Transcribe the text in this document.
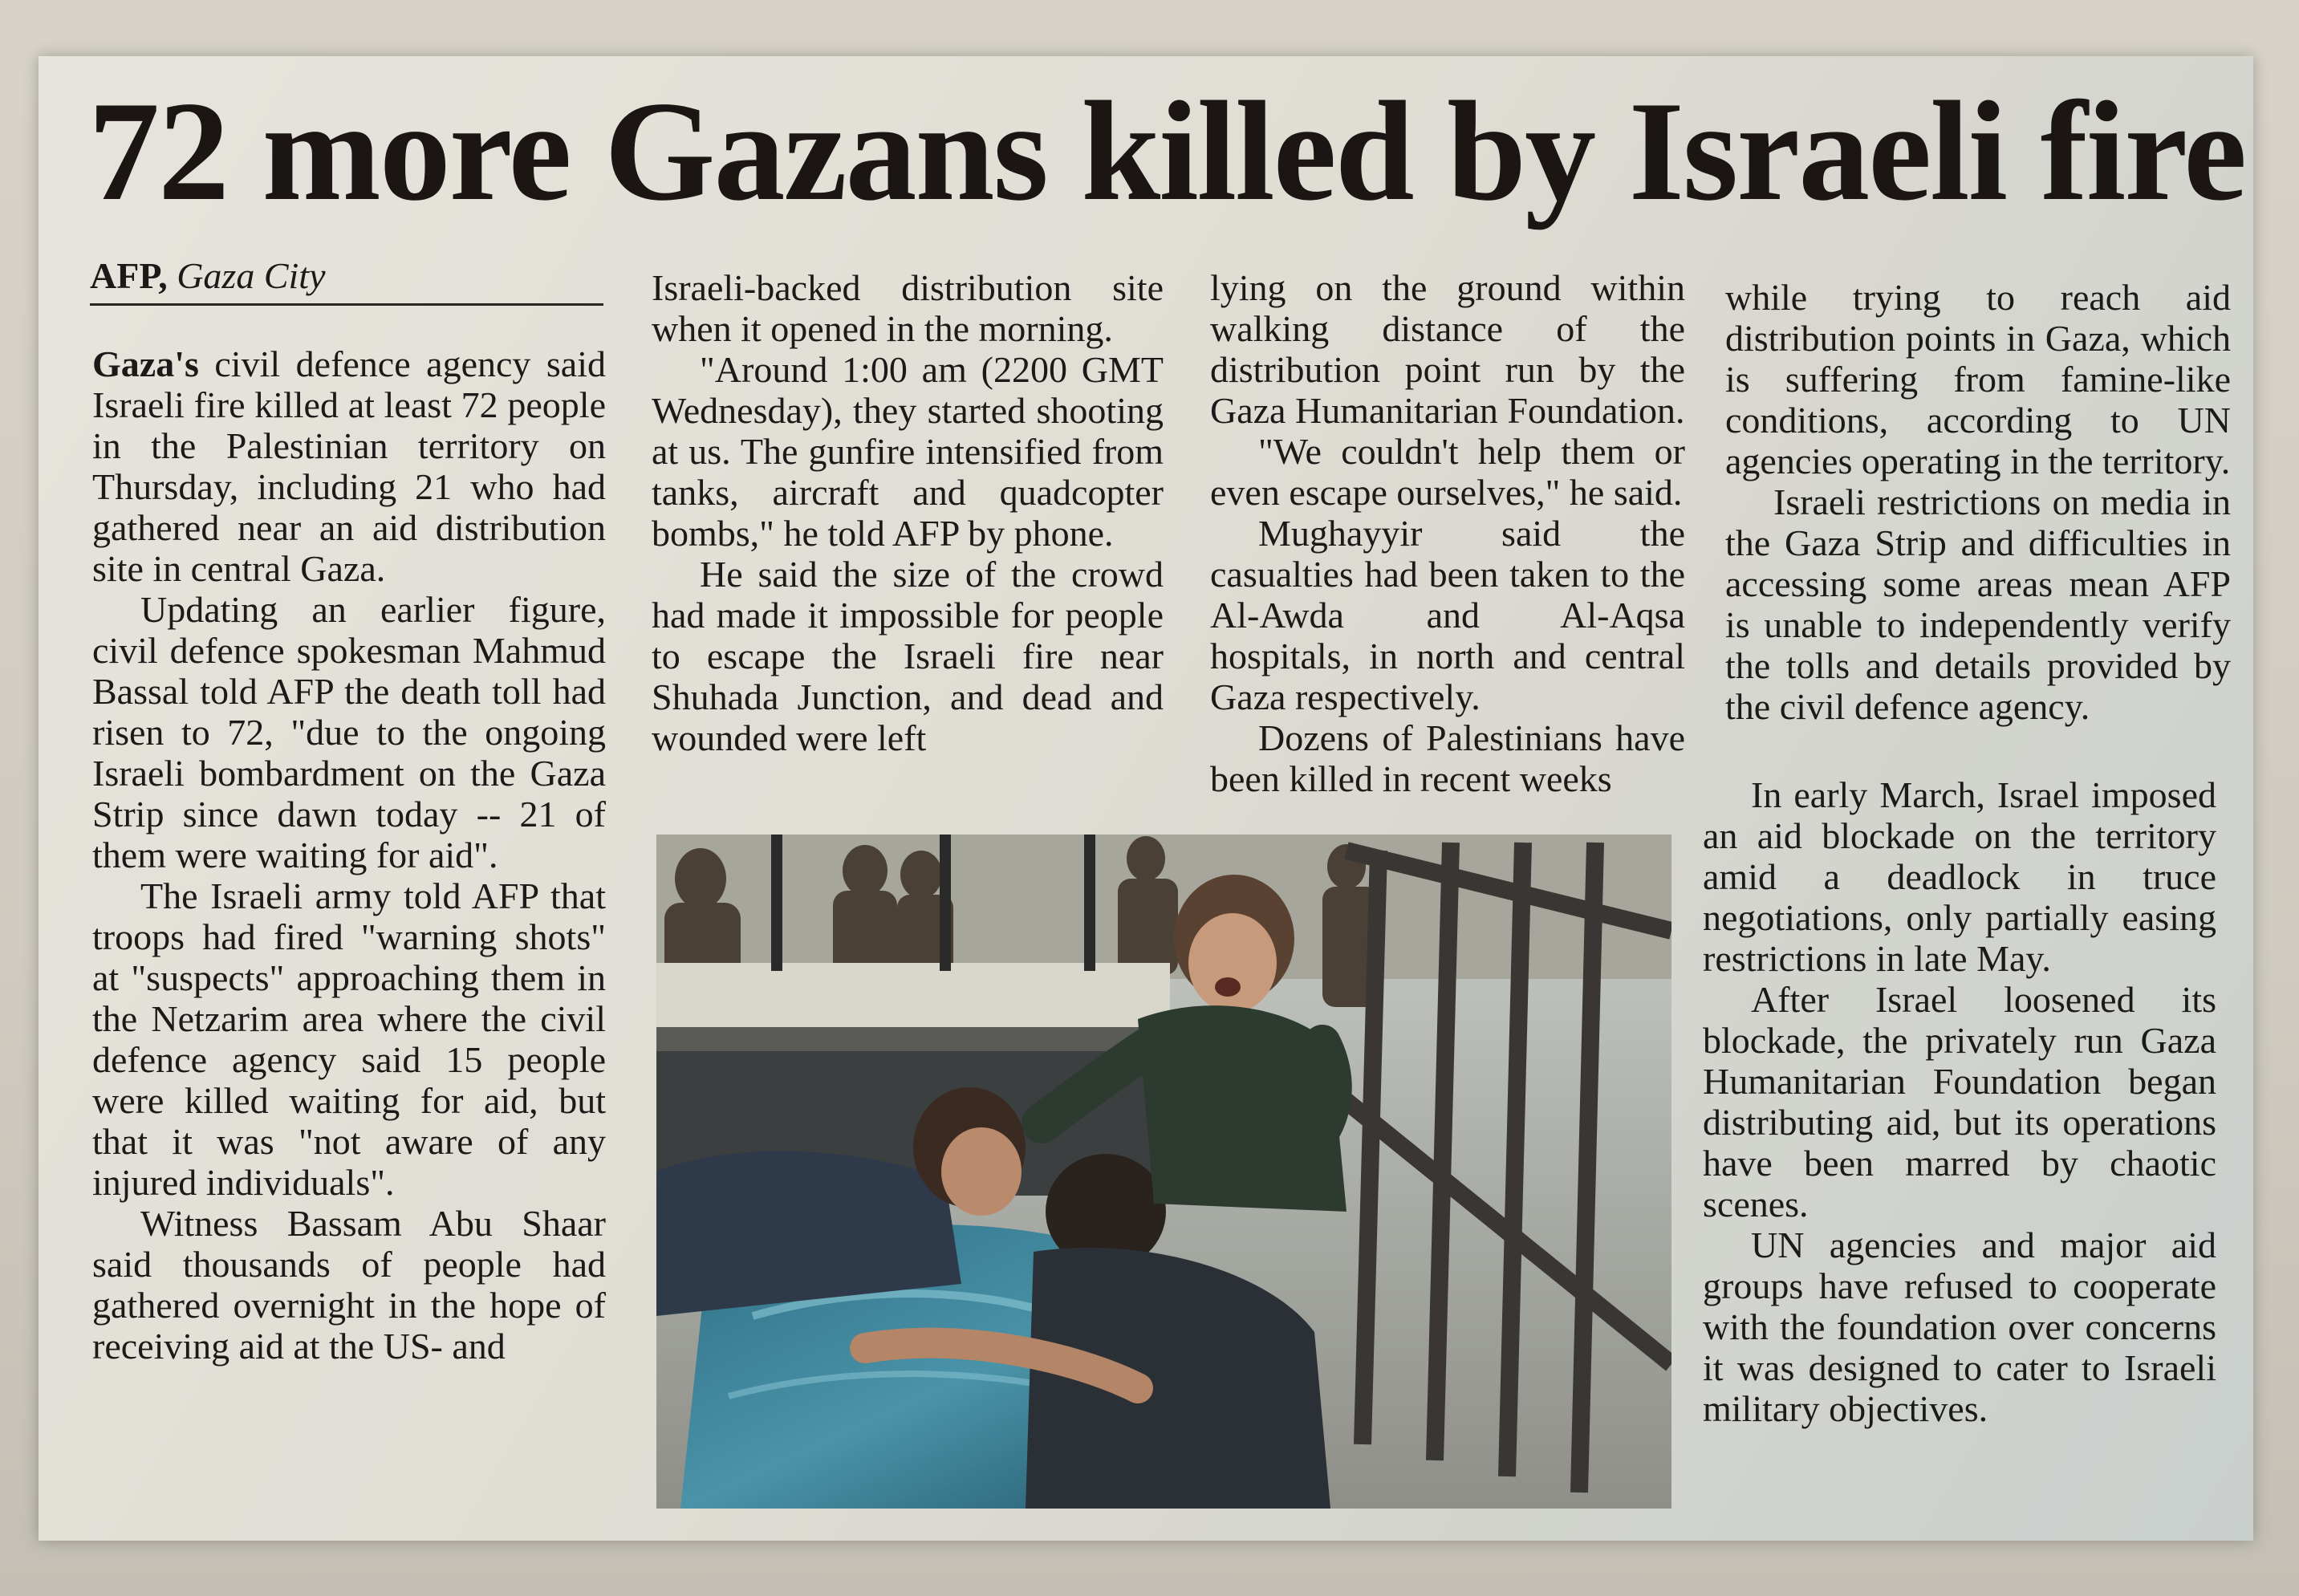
72 more Gazans killed by Israeli fire
AFP, Gaza City

Gaza's civil defence agency said Israeli fire killed at least 72 people in the Palestinian territory on Thursday, including 21 who had gathered near an aid distribution site in central Gaza.

Updating an earlier figure, civil defence spokesman Mahmud Bassal told AFP the death toll had risen to 72, "due to the ongoing Israeli bombardment on the Gaza Strip since dawn today -- 21 of them were waiting for aid".

The Israeli army told AFP that troops had fired "warning shots" at "suspects" approaching them in the Netzarim area where the civil defence agency said 15 people were killed waiting for aid, but that it was "not aware of any injured individuals".

Witness Bassam Abu Shaar said thousands of people had gathered overnight in the hope of receiving aid at the US- and

Israeli-backed distribution site when it opened in the morning.

"Around 1:00 am (2200 GMT Wednesday), they started shooting at us. The gunfire intensified from tanks, aircraft and quadcopter bombs," he told AFP by phone.

He said the size of the crowd had made it impossible for people to escape the Israeli fire near Shuhada Junction, and dead and wounded were left

lying on the ground within walking distance of the distribution point run by the Gaza Humanitarian Foundation.

"We couldn't help them or even escape ourselves," he said.

Mughayyir said the casualties had been taken to the Al-Awda and Al-Aqsa hospitals, in north and central Gaza respectively.

Dozens of Palestinians have been killed in recent weeks

while trying to reach aid distribution points in Gaza, which is suffering from famine-like conditions, according to UN agencies operating in the territory.

Israeli restrictions on media in the Gaza Strip and difficulties in accessing some areas mean AFP is unable to independently verify the tolls and details provided by the civil defence agency.

In early March, Israel imposed an aid blockade on the territory amid a deadlock in truce negotiations, only partially easing restrictions in late May.

After Israel loosened its blockade, the privately run Gaza Humanitarian Foundation began distributing aid, but its operations have been marred by chaotic scenes.

UN agencies and major aid groups have refused to cooperate with the foundation over concerns it was designed to cater to Israeli military objectives.
